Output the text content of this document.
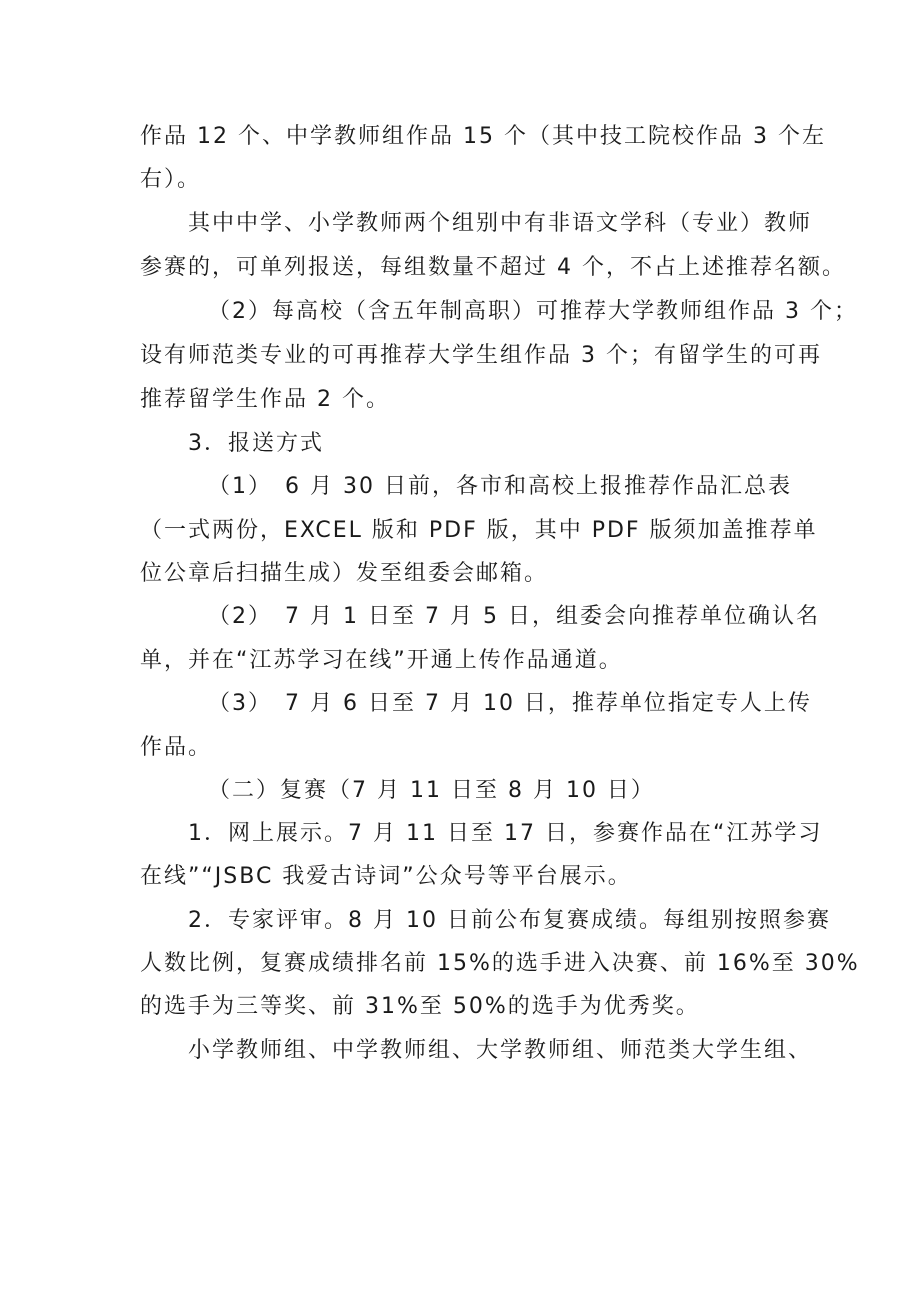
作品 12 个、中学教师组作品 15 个（其中技工院校作品 3 个左
右）。
其中中学、小学教师两个组别中有非语文学科（专业）教师
参赛的，可单列报送，每组数量不超过 4 个，不占上述推荐名额。
（2）每高校（含五年制高职）可推荐大学教师组作品 3 个；
设有师范类专业的可再推荐大学生组作品 3 个；有留学生的可再
推荐留学生作品 2 个。
3．报送方式
（1）　6 月 30 日前，各市和高校上报推荐作品汇总表
（一式两份，EXCEL 版和 PDF 版，其中 PDF 版须加盖推荐单
位公章后扫描生成）发至组委会邮箱。
（2）　7 月 1 日至 7 月 5 日，组委会向推荐单位确认名
单，并在“江苏学习在线”开通上传作品通道。
（3）　7 月 6 日至 7 月 10 日，推荐单位指定专人上传
作品。
（二）复赛（7 月 11 日至 8 月 10 日）
1．网上展示。7 月 11 日至 17 日，参赛作品在“江苏学习
在线”“JSBC 我爱古诗词”公众号等平台展示。
2．专家评审。8 月 10 日前公布复赛成绩。每组别按照参赛
人数比例，复赛成绩排名前 15%的选手进入决赛、前 16%至 30%
的选手为三等奖、前 31%至 50%的选手为优秀奖。
小学教师组、中学教师组、大学教师组、师范类大学生组、
